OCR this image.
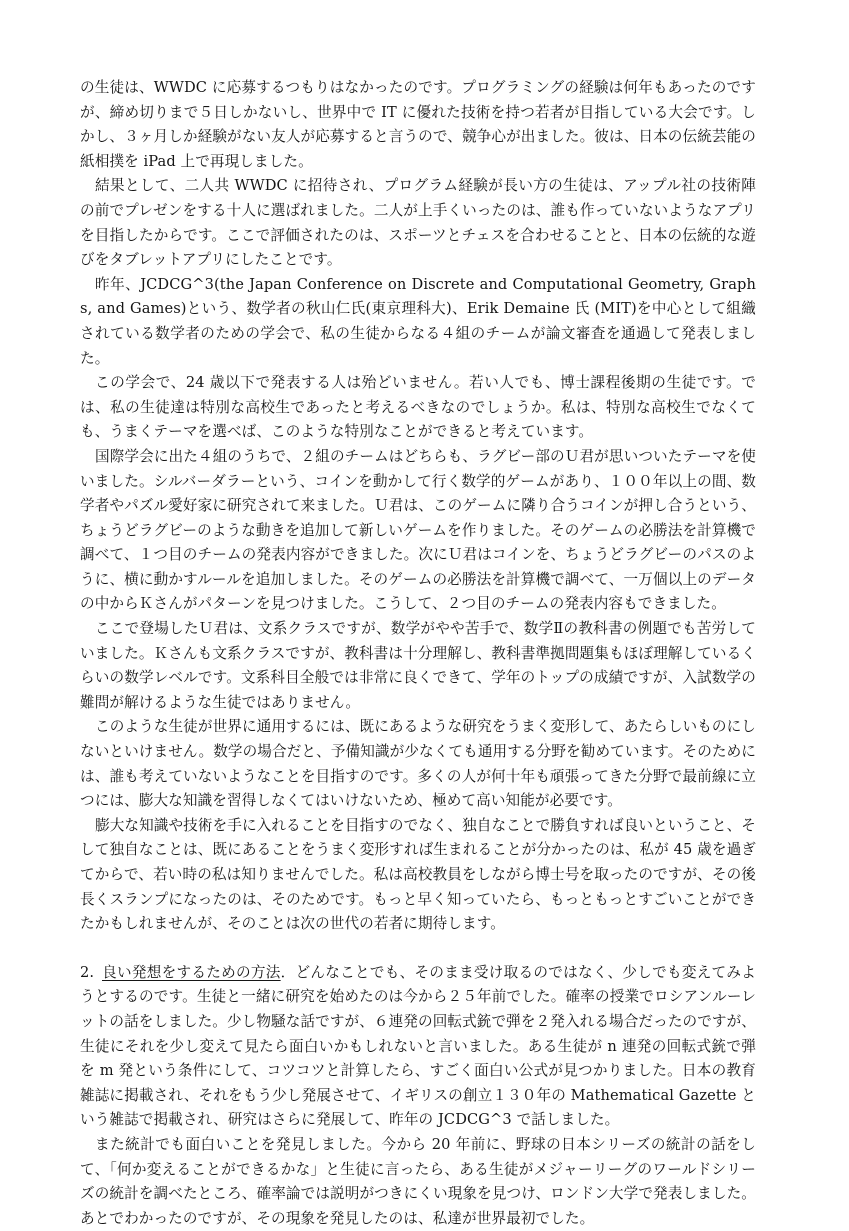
の生徒は、WWDC に応募するつもりはなかったのです。プログラミングの経験は何年もあったのですが、締め切りまで５日しかないし、世界中で IT に優れた技術を持つ若者が目指している大会です。しかし、３ヶ月しか経験がない友人が応募すると言うので、競争心が出ました。彼は、日本の伝統芸能の紙相撲を iPad 上で再現しました。

結果として、二人共 WWDC に招待され、プログラム経験が長い方の生徒は、アップル社の技術陣の前でプレゼンをする十人に選ばれました。二人が上手くいったのは、誰も作っていないようなアプリを目指したからです。ここで評価されたのは、スポーツとチェスを合わせることと、日本の伝統的な遊びをタブレットアプリにしたことです。

昨年、JCDCG^3(the Japan Conference on Discrete and Computational Geometry, Graphs, and Games)という、数学者の秋山仁氏(東京理科大)、Erik Demaine 氏 (MIT)を中心として組織されている数学者のための学会で、私の生徒からなる４組のチームが論文審査を通過して発表しました。

この学会で、24 歳以下で発表する人は殆どいません。若い人でも、博士課程後期の生徒です。では、私の生徒達は特別な高校生であったと考えるべきなのでしょうか。私は、特別な高校生でなくても、うまくテーマを選べば、このような特別なことができると考えています。

国際学会に出た４組のうちで、２組のチームはどちらも、ラグビー部のＵ君が思いついたテーマを使いました。シルバーダラーという、コインを動かして行く数学的ゲームがあり、１００年以上の間、数学者やパズル愛好家に研究されて来ました。Ｕ君は、このゲームに隣り合うコインが押し合うという、ちょうどラグビーのような動きを追加して新しいゲームを作りました。そのゲームの必勝法を計算機で調べて、１つ目のチームの発表内容ができました。次にＵ君はコインを、ちょうどラグビーのパスのように、横に動かすルールを追加しました。そのゲームの必勝法を計算機で調べて、一万個以上のデータの中からＫさんがパターンを見つけました。こうして、２つ目のチームの発表内容もできました。

ここで登場したＵ君は、文系クラスですが、数学がやや苦手で、数学Ⅱの教科書の例題でも苦労していました。Ｋさんも文系クラスですが、教科書は十分理解し、教科書準拠問題集もほぼ理解しているくらいの数学レベルです。文系科目全般では非常に良くできて、学年のトップの成績ですが、入試数学の難問が解けるような生徒ではありません。

このような生徒が世界に通用するには、既にあるような研究をうまく変形して、あたらしいものにしないといけません。数学の場合だと、予備知識が少なくても通用する分野を勧めています。そのためには、誰も考えていないようなことを目指すのです。多くの人が何十年も頑張ってきた分野で最前線に立つには、膨大な知識を習得しなくてはいけないため、極めて高い知能が必要です。

膨大な知識や技術を手に入れることを目指すのでなく、独自なことで勝負すれば良いということ、そして独自なことは、既にあることをうまく変形すれば生まれることが分かったのは、私が 45 歳を過ぎてからで、若い時の私は知りませんでした。私は高校教員をしながら博士号を取ったのですが、その後長くスランプになったのは、そのためです。もっと早く知っていたら、もっともっとすごいことができたかもしれませんが、そのことは次の世代の若者に期待します。

2. 良い発想をするための方法．どんなことでも、そのまま受け取るのではなく、少しでも変えてみようとするのです。生徒と一緒に研究を始めたのは今から２５年前でした。確率の授業でロシアンルーレットの話をしました。少し物騒な話ですが、６連発の回転式銃で弾を２発入れる場合だったのですが、生徒にそれを少し変えて見たら面白いかもしれないと言いました。ある生徒が n 連発の回転式銃で弾を m 発という条件にして、コツコツと計算したら、すごく面白い公式が見つかりました。日本の教育雑誌に掲載され、それをもう少し発展させて、イギリスの創立１３０年の Mathematical Gazette という雑誌で掲載され、研究はさらに発展して、昨年の JCDCG^3 で話しました。

また統計でも面白いことを発見しました。今から 20 年前に、野球の日本シリーズの統計の話をして、「何か変えることができるかな」と生徒に言ったら、ある生徒がメジャーリーグのワールドシリーズの統計を調べたところ、確率論では説明がつきにくい現象を見つけ、ロンドン大学で発表しました。あとでわかったのですが、その現象を発見したのは、私達が世界最初でした。
